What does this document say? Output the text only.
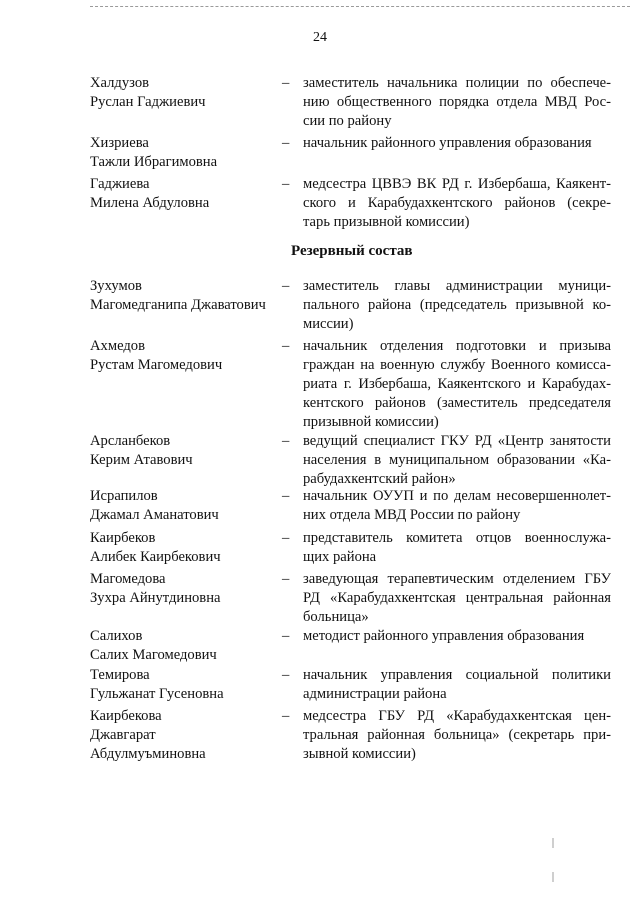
24
Халдузов
Руслан Гаджиевич
– заместитель начальника полиции по обеспече-
нию общественного порядка отдела МВД Рос-
сии по району
Хизриева
Тажли Ибрагимовна
– начальник районного управления образования
Гаджиева
Милена Абдуловна
– медсестра ЦВВЭ ВК РД г. Избербаша, Каякент-
ского и Карабудахкентского районов (секре-
тарь призывной комиссии)
Резервный состав
Зухумов
Магомедганипа Джаватович
– заместитель главы администрации муници-
пального района (председатель призывной ко-
миссии)
Ахмедов
Рустам Магомедович
– начальник отделения подготовки и призыва
граждан на военную службу Военного комисса-
риата г. Избербаша, Каякентского и Карабудах-
кентского районов (заместитель председателя
призывной комиссии)
Арсланбеков
Керим Атавович
– ведущий специалист ГКУ РД «Центр занятости
населения в муниципальном образовании «Ка-
рабудахкентский район»
Исрапилов
Джамал Аманатович
– начальник ОУУП и по делам несовершеннолет-
них отдела МВД России по району
Каирбеков
Алибек Каирбекович
– представитель комитета отцов военнослужа-
щих района
Магомедова
Зухра Айнутдиновна
– заведующая терапевтическим отделением ГБУ
РД «Карабудахкентская центральная районная
больница»
Салихов
Салих Магомедович
– методист районного управления образования
Темирова
Гульжанат Гусеновна
– начальник управления социальной политики
администрации района
Каирбекова
Джавгарат
Абдулмуъминовна
– медсестра ГБУ РД «Карабудахкентская цен-
тральная районная больница» (секретарь при-
зывной комиссии)
